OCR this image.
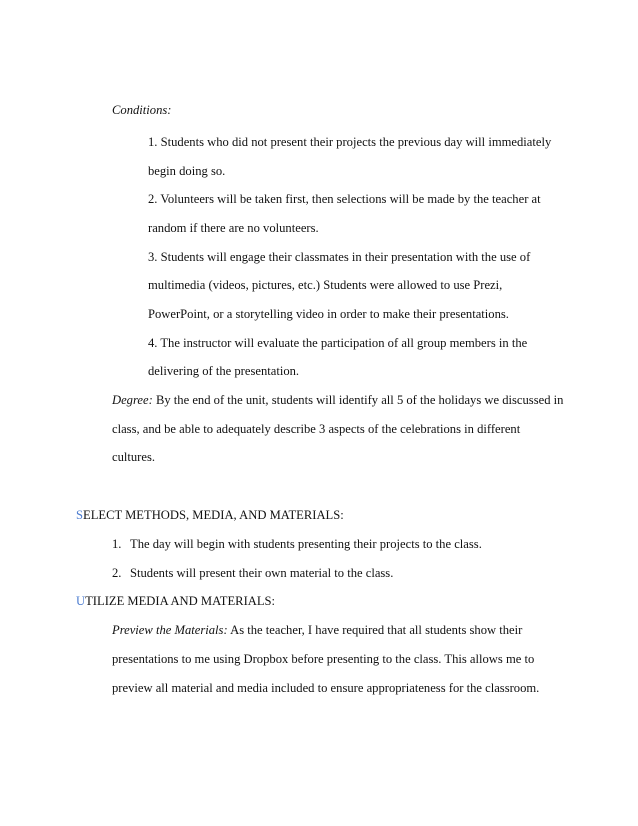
Conditions:
1. Students who did not present their projects the previous day will immediately
begin doing so.
2. Volunteers will be taken first, then selections will be made by the teacher at
random if there are no volunteers.
3. Students will engage their classmates in their presentation with the use of
multimedia (videos, pictures, etc.) Students were allowed to use Prezi,
PowerPoint, or a storytelling video in order to make their presentations.
4. The instructor will evaluate the participation of all group members in the
delivering of the presentation.
Degree: By the end of the unit, students will identify all 5 of the holidays we discussed in
class, and be able to adequately describe 3 aspects of the celebrations in different
cultures.
SELECT METHODS, MEDIA, AND MATERIALS:
1. The day will begin with students presenting their projects to the class.
2. Students will present their own material to the class.
UTILIZE MEDIA AND MATERIALS:
Preview the Materials: As the teacher, I have required that all students show their
presentations to me using Dropbox before presenting to the class. This allows me to
preview all material and media included to ensure appropriateness for the classroom.
